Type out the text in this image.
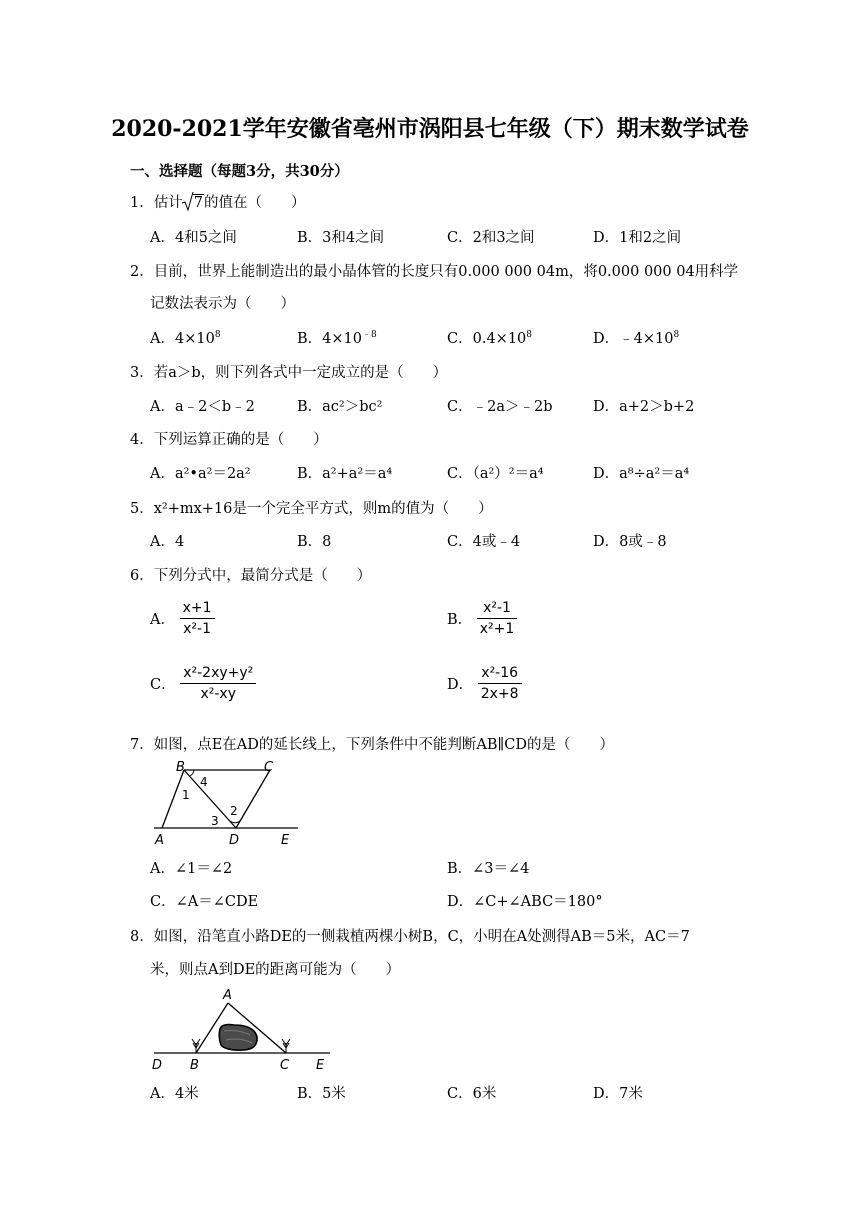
2020-2021学年安徽省亳州市涡阳县七年级（下）期末数学试卷
一、选择题（每题3分，共30分）
1．估计 7的值在（　　）
A．4和5之间	B．3和4之间	C．2和3之间	D．1和2之间
2．目前，世界上能制造出的最小晶体管的长度只有0.000 000 04m，将0.000 000 04用科学
记数法表示为（　　）
A．$4\times 10^8$	B．$4\times 10^{﹣8}$	C．$0.4\times 10^8$	D．$﹣4\times 10^8$
3．若a＞b，则下列各式中一定成立的是（　　）
A．a﹣2＜b﹣2	B．ac²＞bc²	C．﹣2a＞﹣2b	D．a+2＞b+2
4．下列运算正确的是（　　）
A．a²•a²＝2a²	B．a²+a²＝a⁴	C．（a²）²＝a⁴	D．a⁸÷a²＝a⁴
5．x²+mx+16是一个完全平方式，则m的值为（　　）
A．4	B．8	C．4或﹣4	D．8或﹣8
6．下列分式中，最简分式是（　　）
A． $\frac{x+1}{\text{x²-1}}$	B． $\frac{\text{x²-1}}{\text{x²+1}}$
C． $\frac{\text{x²-2xy+y²}}{\text{x²-xy}}$	D． $\frac{\text{x²-16}}{2x+8}$
7．如图，点E在AD的延长线上，下列条件中不能判断AB∥CD的是（　　）
B	C
4
1
2
3
A	D	E
A．∠1＝∠2	B．∠3＝∠4
C．∠A＝∠CDE	D．∠C+∠ABC＝180°
8．如图，沿笔直小路DE的一侧栽植两棵小树B，C，小明在A处测得AB＝5米，AC＝7
米，则点A到DE的距离可能为（　　）
A
D B	C E
A．4米	B．5米	C．6米	D．7米
